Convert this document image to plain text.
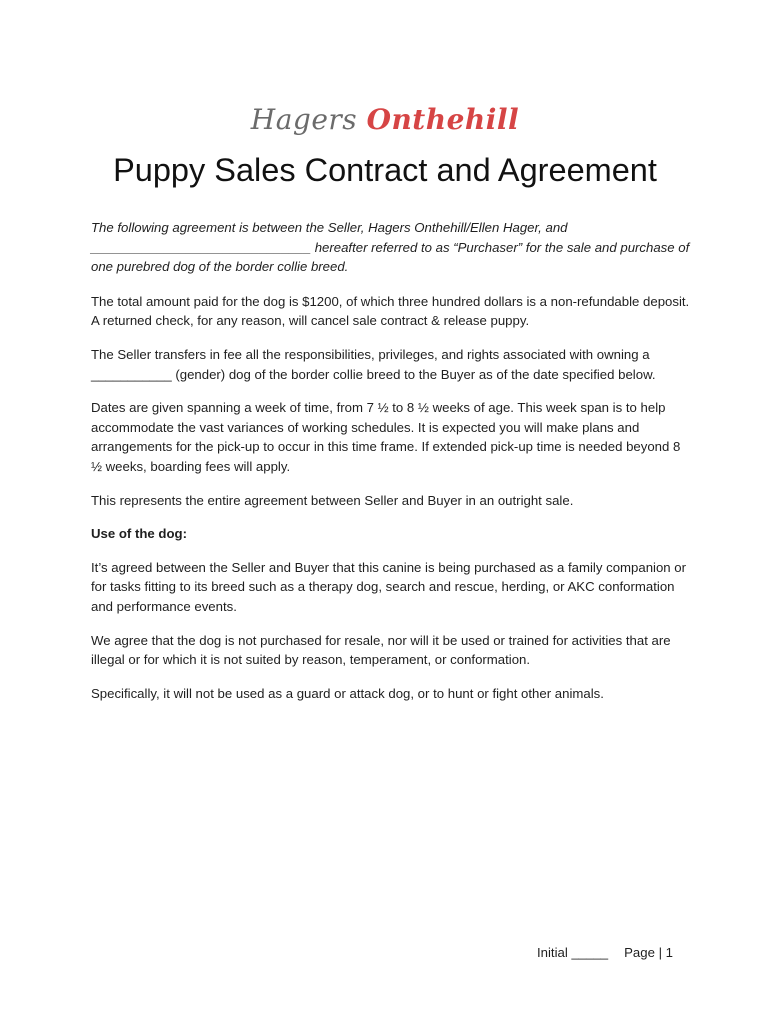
Hagers Onthehill
Puppy Sales Contract and Agreement

The following agreement is between the Seller, Hagers Onthehill/Ellen Hager, and ______________________________ hereafter referred to as “Purchaser” for the sale and purchase of one purebred dog of the border collie breed.

The total amount paid for the dog is $1200, of which three hundred dollars is a non-refundable deposit. A returned check, for any reason, will cancel sale contract & release puppy.

The Seller transfers in fee all the responsibilities, privileges, and rights associated with owning a ___________ (gender) dog of the border collie breed to the Buyer as of the date specified below.

Dates are given spanning a week of time, from 7 ½ to 8 ½ weeks of age. This week span is to help accommodate the vast variances of working schedules. It is expected you will make plans and arrangements for the pick-up to occur in this time frame. If extended pick-up time is needed beyond 8 ½ weeks, boarding fees will apply.

This represents the entire agreement between Seller and Buyer in an outright sale.

Use of the dog:

It’s agreed between the Seller and Buyer that this canine is being purchased as a family companion or for tasks fitting to its breed such as a therapy dog, search and rescue, herding, or AKC conformation and performance events.

We agree that the dog is not purchased for resale, nor will it be used or trained for activities that are illegal or for which it is not suited by reason, temperament, or conformation.

Specifically, it will not be used as a guard or attack dog, or to hunt or fight other animals.

Initial _____ Page | 1
